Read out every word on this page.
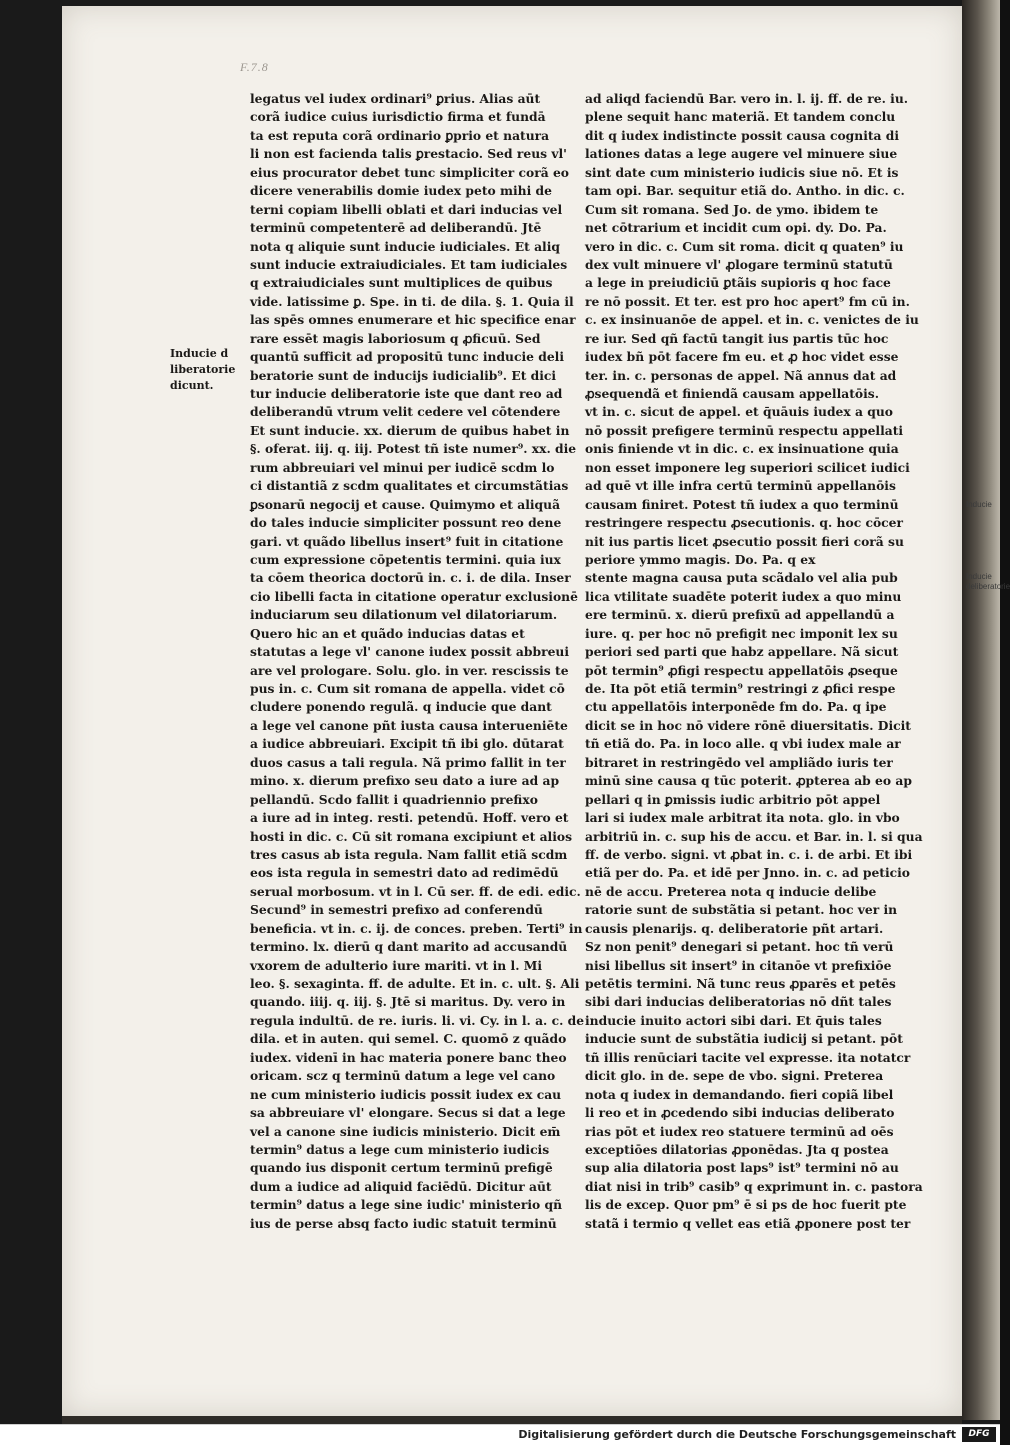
Inducie
Inducie deliberatorie
F.7.8
Inducie d
liberatorie
dicunt.
legatus vel iudex ordinari⁹ ꝑrius. Alias aūt
corã iudice cuius iurisdictio firma et fundā
ta est reputa corã ordinario ꝑprio et natura
li non est facienda talis ꝑrestacio. Sed reus vl'
eius procurator debet tunc simpliciter corã eo
dicere venerabilis domie iudex peto mihi de
terni copiam libelli oblati et dari inducias vel
terminū competenterē ad deliberandū. Jtē
nota q aliquie sunt inducie iudiciales. Et aliq
sunt inducie extraiudiciales. Et tam iudiciales
q extraiudiciales sunt multiplices de quibus
vide. latissime ꝑ. Spe. in ti. de dila. §. 1. Quia il
las spēs omnes enumerare et hic specifice enar
rare essēt magis laboriosum q ꝓficuū. Sed
quantū sufficit ad propositū tunc inducie deli
beratorie sunt de inducijs iudicialib⁹. Et dici
tur inducie deliberatorie iste que dant reo ad
deliberandū vtrum velit cedere vel cōtendere
Et sunt inducie. xx. dierum de quibus habet in
§. oferat. iij. q. iij. Potest tñ iste numer⁹. xx. die
rum abbreuiari vel minui per iudicē scdm lo
ci distantiã z scdm qualitates et circumstãtias
ꝑsonarū negocij et cause. Quimymo et aliquã
do tales inducie simpliciter possunt reo dene
gari. vt quãdo libellus insert⁹ fuit in citatione
cum expressione cōpetentis termini. quia iux
ta cōem theorica doctorū in. c. i. de dila. Inser
cio libelli facta in citatione operatur exclusionē
induciarum seu dilationum vel dilatoriarum.
Quero hic an et quãdo inducias datas et
statutas a lege vl' canone iudex possit abbreui
are vel prologare. Solu. glo. in ver. rescissis te
pus in. c. Cum sit romana de appella. videt cō
cludere ponendo regulã. q inducie que dant
a lege vel canone pñt iusta causa interueniēte
a iudice abbreuiari. Excipit tñ ibi glo. dūtarat
duos casus a tali regula. Nã primo fallit in ter
mino. x. dierum prefixo seu dato a iure ad ap
pellandū. Scdo fallit i quadriennio prefixo
a iure ad in integ. resti. petendū. Hoff. vero et
hosti in dic. c. Cū sit romana excipiunt et alios
tres casus ab ista regula. Nam fallit etiã scdm
eos ista regula in semestri dato ad redimēdū
serual morbosum. vt in l. Cū ser. ff. de edi. edic.
Secund⁹ in semestri prefixo ad conferendū
beneficia. vt in. c. ij. de conces. preben. Terti⁹ in
termino. lx. dierū q dant marito ad accusandū
vxorem de adulterio iure mariti. vt in l. Mi
leo. §. sexaginta. ff. de adulte. Et in. c. ult. §. Ali
quando. iiij. q. iij. §. Jtē si maritus. Dy. vero in
regula indultū. de re. iuris. li. vi. Cy. in l. a. c. de
dila. et in auten. qui semel. C. quomō z quãdo
iudex. videnī in hac materia ponere banc theo
oricam. scz q terminū datum a lege vel cano
ne cum ministerio iudicis possit iudex ex cau
sa abbreuiare vl' elongare. Secus si dat a lege
vel a canone sine iudicis ministerio. Dicit em̄
termin⁹ datus a lege cum ministerio iudicis
quando ius disponit certum terminū prefigē
dum a iudice ad aliquid faciēdū. Dicitur aūt
termin⁹ datus a lege sine iudic' ministerio qñ
ius de perse absq facto iudic statuit terminū
ad aliqd faciendū Bar. vero in. l. ij. ff. de re. iu.
plene sequit hanc materiã. Et tandem conclu
dit q iudex indistincte possit causa cognita di
lationes datas a lege augere vel minuere siue
sint date cum ministerio iudicis siue nō. Et is
tam opi. Bar. sequitur etiã do. Antho. in dic. c.
Cum sit romana. Sed Jo. de ymo. ibidem te
net cōtrarium et incidit cum opi. dy. Do. Pa.
vero in dic. c. Cum sit roma. dicit q quaten⁹ iu
dex vult minuere vl' ꝓlogare terminū statutū
a lege in preiudiciū ꝑtãis supioris q hoc face
re nō possit. Et ter. est pro hoc apert⁹ fm cū in.
c. ex insinuanōe de appel. et in. c. venictes de iu
re iur. Sed qñ factū tangit ius partis tūc hoc
iudex bñ pōt facere fm eu. et ꝓ hoc videt esse
ter. in. c. personas de appel. Nã annus dat ad
ꝓsequendã et finiendã causam appellatōis.
vt in. c. sicut de appel. et q̄uāuis iudex a quo
nō possit prefigere terminū respectu appellati
onis finiende vt in dic. c. ex insinuatione quia
non esset imponere leg superiori scilicet iudici
ad quē vt ille infra certū terminū appellanōis
causam finiret. Potest tñ iudex a quo terminū
restringere respectu ꝓsecutionis. q. hoc cōcer
nit ius partis licet ꝓsecutio possit fieri corã su
periore ymmo magis. Do. Pa. q ex
stente magna causa puta scãdalo vel alia pub
lica vtilitate suadēte poterit iudex a quo minu
ere terminū. x. dierū prefixū ad appellandū a
iure. q. per hoc nō prefigit nec imponit lex su
periori sed parti que habz appellare. Nã sicut
pōt termin⁹ ꝓfigi respectu appellatōis ꝓseque
de. Ita pōt etiã termin⁹ restringi z ꝓfici respe
ctu appellatōis interponēde fm do. Pa. q ipe
dicit se in hoc nō videre rōnē diuersitatis. Dicit
tñ etiã do. Pa. in loco alle. q vbi iudex male ar
bitraret in restringēdo vel ampliãdo iuris ter
minū sine causa q tūc poterit. ꝓpterea ab eo ap
pellari q in ꝑmissis iudic arbitrio pōt appel
lari si iudex male arbitrat ita nota. glo. in vbo
arbitriū in. c. sup his de accu. et Bar. in. l. si qua
ff. de verbo. signi. vt ꝓbat in. c. i. de arbi. Et ibi
etiã per do. Pa. et idē per Jnno. in. c. ad peticio
nē de accu. Preterea nota q inducie delibe
ratorie sunt de substãtia si petant. hoc ver in
causis plenarijs. q. deliberatorie pñt artari.
Sz non penit⁹ denegari si petant. hoc tñ verū
nisi libellus sit insert⁹ in citanōe vt prefixiōe
petētis termini. Nã tunc reus ꝓparēs et petēs
sibi dari inducias deliberatorias nō dñt tales
inducie inuito actori sibi dari. Et q̄uis tales
inducie sunt de substãtia iudicij si petant. pōt
tñ illis renūciari tacite vel expresse. ita notatcr
dicit glo. in de. sepe de vbo. signi. Preterea
nota q iudex in demandando. fieri copiã libel
li reo et in ꝓcedendo sibi inducias deliberato
rias pōt et iudex reo statuere terminū ad oēs
exceptiōes dilatorias ꝓponēdas. Jta q postea
sup alia dilatoria post laps⁹ ist⁹ termini nō au
diat nisi in trib⁹ casib⁹ q exprimunt in. c. pastora
lis de excep. Quor pm⁹ ē si ps de hoc fuerit pte
statã i termio q vellet eas etiã ꝓponere post ter
Digitalisierung gefördert durch die Deutsche Forschungsgemeinschaft	DFG
